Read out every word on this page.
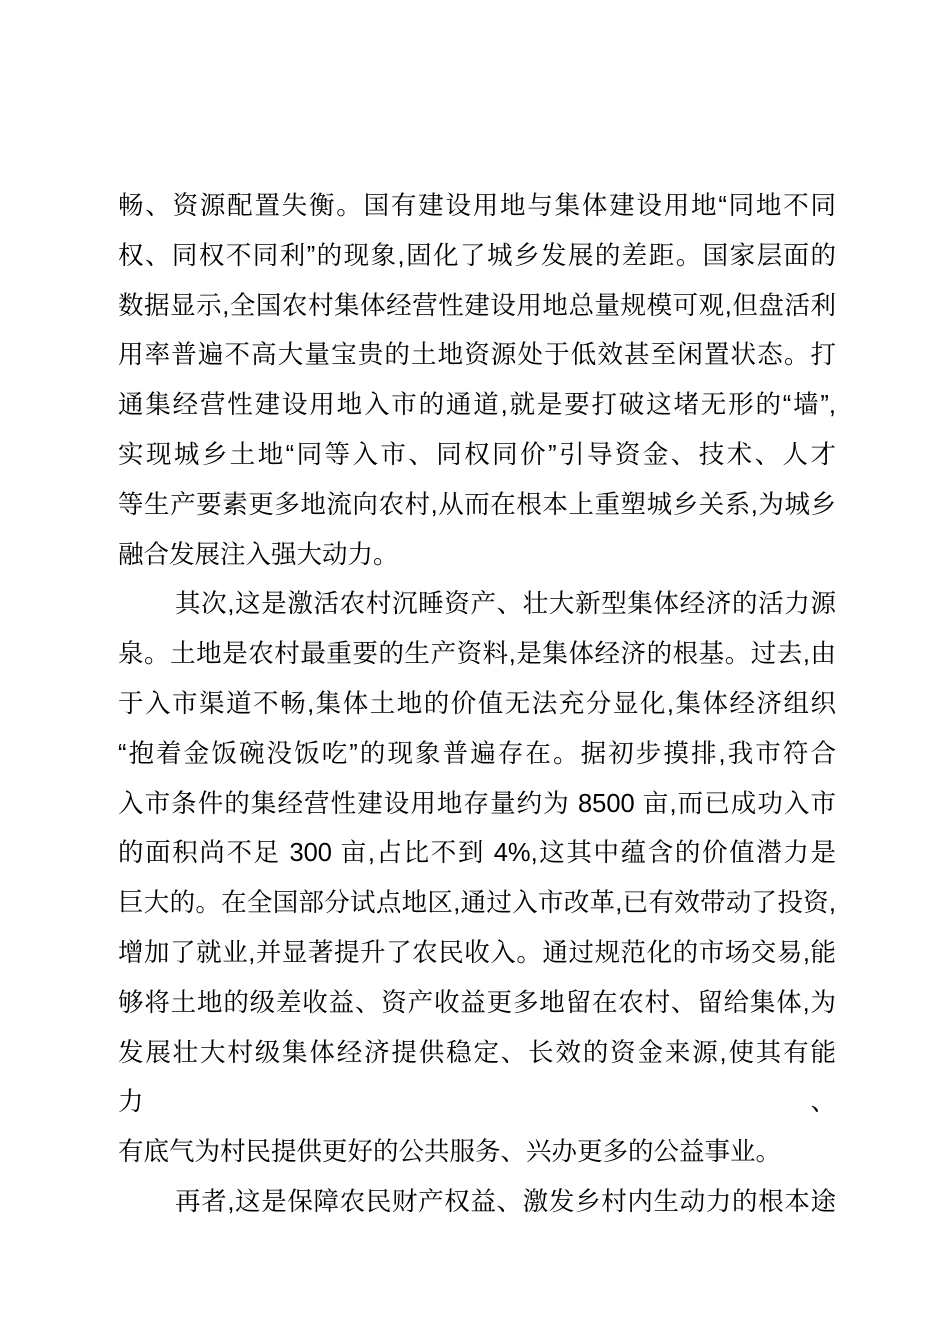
畅、资源配置失衡。国有建设用地与集体建设用地“同地不同
权、同权不同利”的现象,固化了城乡发展的差距。国家层面的
数据显示,全国农村集体经营性建设用地总量规模可观,但盘活利
用率普遍不高大量宝贵的土地资源处于低效甚至闲置状态。打
通集经营性建设用地入市的通道,就是要打破这堵无形的“墙”,
实现城乡土地“同等入市、同权同价”引导资金、技术、人才
等生产要素更多地流向农村,从而在根本上重塑城乡关系,为城乡
融合发展注入强大动力。
其次,这是激活农村沉睡资产、壮大新型集体经济的活力源
泉。土地是农村最重要的生产资料,是集体经济的根基。过去,由
于入市渠道不畅,集体土地的价值无法充分显化,集体经济组织
“抱着金饭碗没饭吃”的现象普遍存在。据初步摸排,我市符合
入市条件的集经营性建设用地存量约为 8500 亩,而已成功入市
的面积尚不足 300 亩,占比不到 4%,这其中蕴含的价值潜力是
巨大的。在全国部分试点地区,通过入市改革,已有效带动了投资,
增加了就业,并显著提升了农民收入。通过规范化的市场交易,能
够将土地的级差收益、资产收益更多地留在农村、留给集体,为
发展壮大村级集体经济提供稳定、长效的资金来源,使其有能力、
有底气为村民提供更好的公共服务、兴办更多的公益事业。
再者,这是保障农民财产权益、激发乡村内生动力的根本途
